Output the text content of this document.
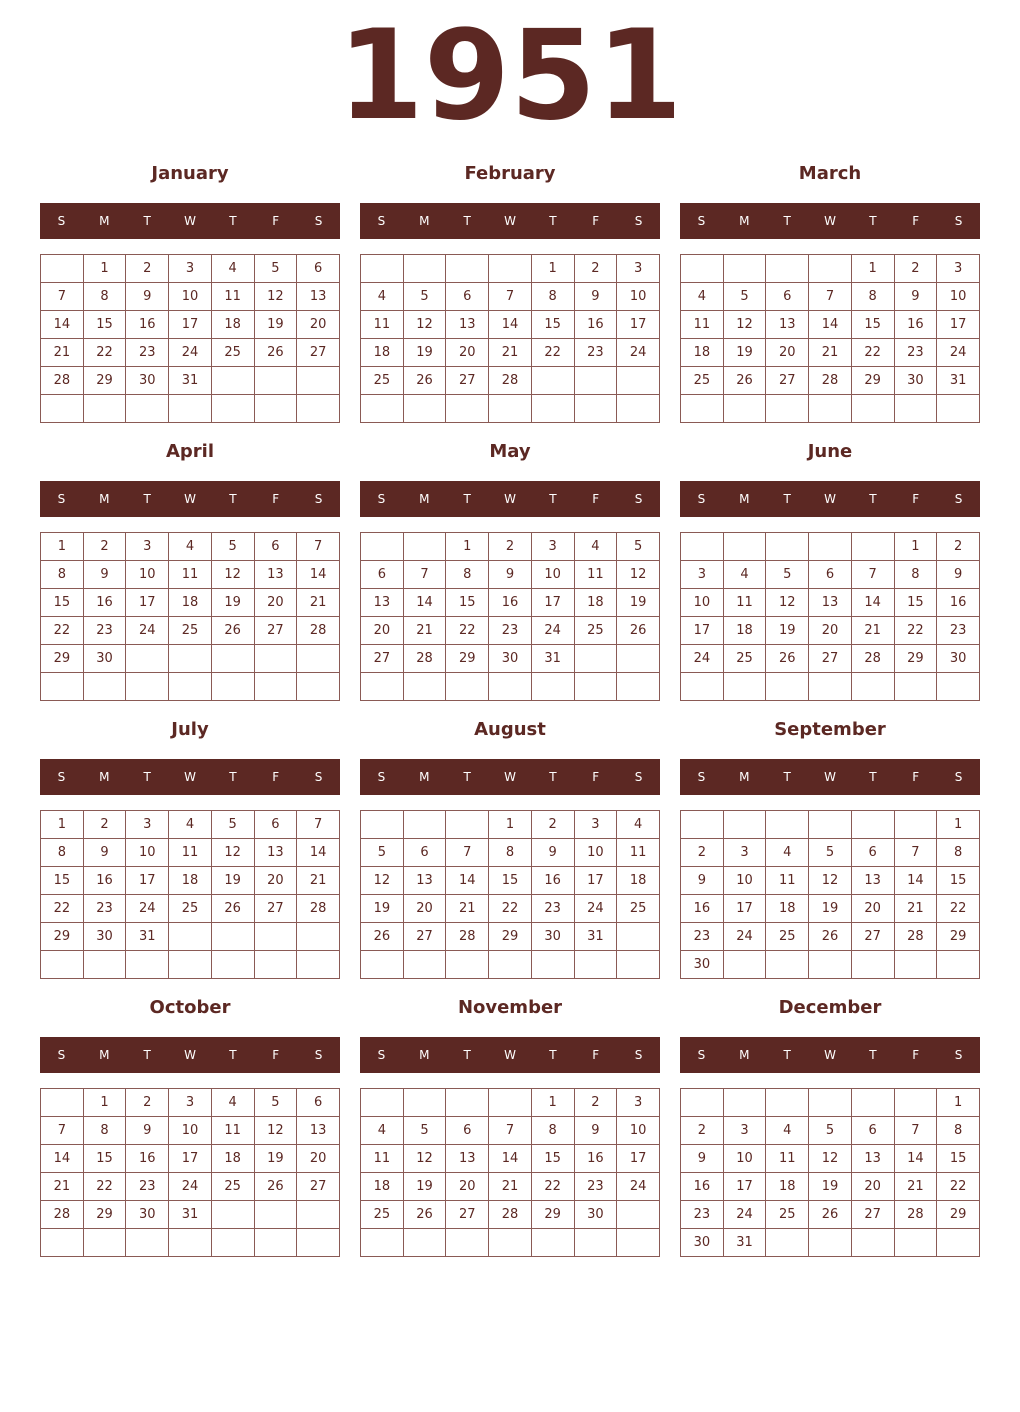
1951
January
S	M	T	W	T	F	S
	1	2	3	4	5	6
7	8	9	10	11	12	13
14	15	16	17	18	19	20
21	22	23	24	25	26	27
28	29	30	31			

February
S	M	T	W	T	F	S
				1	2	3
4	5	6	7	8	9	10
11	12	13	14	15	16	17
18	19	20	21	22	23	24
25	26	27	28			

March
S	M	T	W	T	F	S
				1	2	3
4	5	6	7	8	9	10
11	12	13	14	15	16	17
18	19	20	21	22	23	24
25	26	27	28	29	30	31

April
S	M	T	W	T	F	S
1	2	3	4	5	6	7
8	9	10	11	12	13	14
15	16	17	18	19	20	21
22	23	24	25	26	27	28
29	30					

May
S	M	T	W	T	F	S
		1	2	3	4	5
6	7	8	9	10	11	12
13	14	15	16	17	18	19
20	21	22	23	24	25	26
27	28	29	30	31		

June
S	M	T	W	T	F	S
					1	2
3	4	5	6	7	8	9
10	11	12	13	14	15	16
17	18	19	20	21	22	23
24	25	26	27	28	29	30

July
S	M	T	W	T	F	S
1	2	3	4	5	6	7
8	9	10	11	12	13	14
15	16	17	18	19	20	21
22	23	24	25	26	27	28
29	30	31				

August
S	M	T	W	T	F	S
			1	2	3	4
5	6	7	8	9	10	11
12	13	14	15	16	17	18
19	20	21	22	23	24	25
26	27	28	29	30	31	

September
S	M	T	W	T	F	S
						1
2	3	4	5	6	7	8
9	10	11	12	13	14	15
16	17	18	19	20	21	22
23	24	25	26	27	28	29
30						
October
S	M	T	W	T	F	S
	1	2	3	4	5	6
7	8	9	10	11	12	13
14	15	16	17	18	19	20
21	22	23	24	25	26	27
28	29	30	31			

November
S	M	T	W	T	F	S
				1	2	3
4	5	6	7	8	9	10
11	12	13	14	15	16	17
18	19	20	21	22	23	24
25	26	27	28	29	30	

December
S	M	T	W	T	F	S
						1
2	3	4	5	6	7	8
9	10	11	12	13	14	15
16	17	18	19	20	21	22
23	24	25	26	27	28	29
30	31					
